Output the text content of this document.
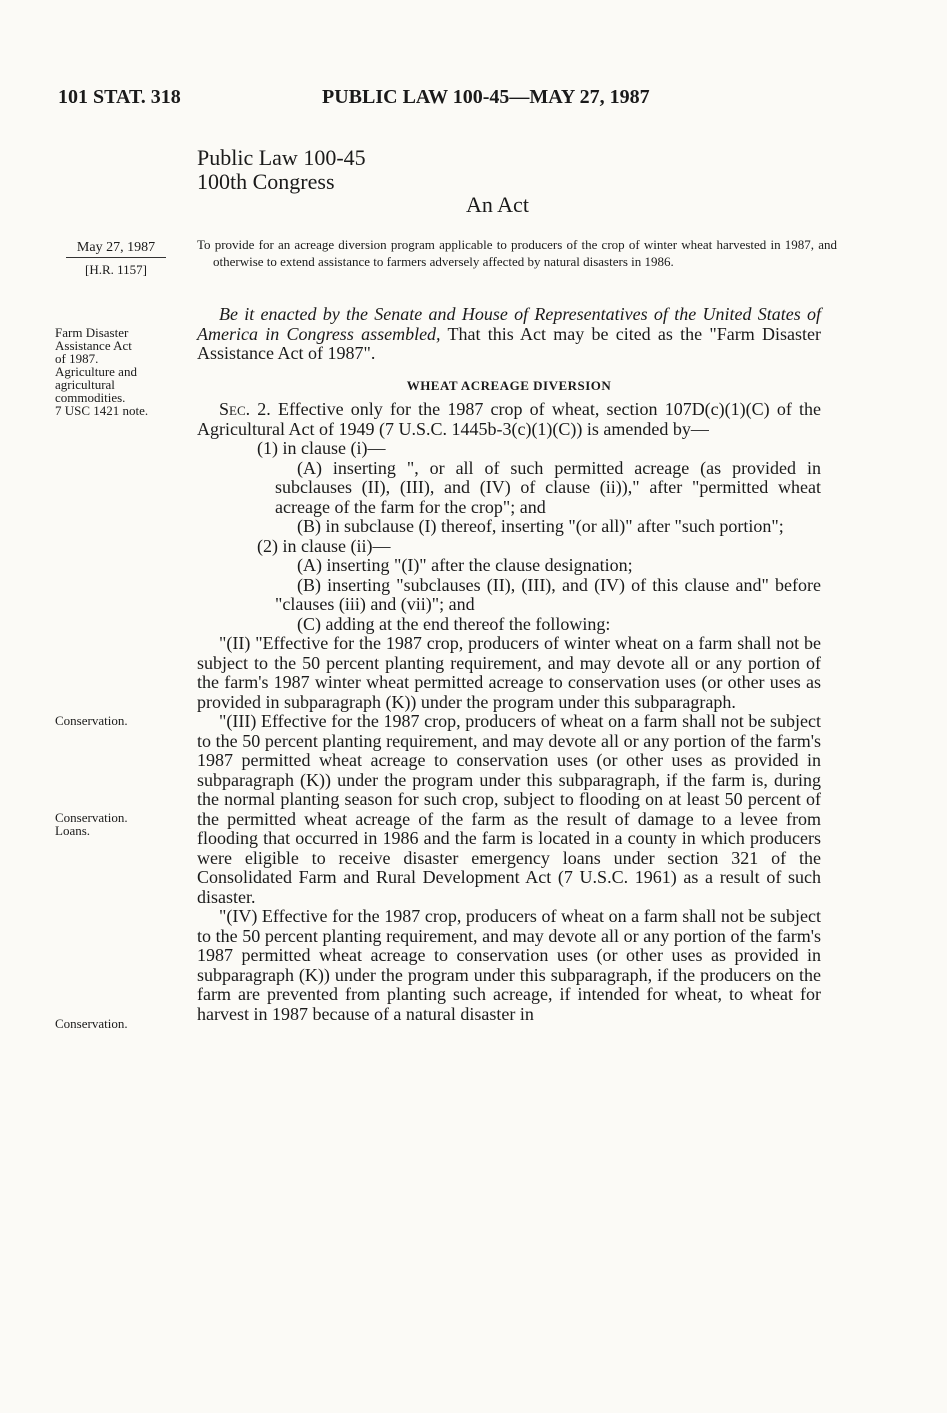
101 STAT. 318	PUBLIC LAW 100-45—MAY 27, 1987
Public Law 100-45
100th Congress
An Act
May 27, 1987
[H.R. 1157]
Farm Disaster
Assistance Act
of 1987.
Agriculture and
agricultural
commodities.
7 USC 1421 note.
Conservation.
Conservation.
Loans.
Conservation.
To provide for an acreage diversion program applicable to producers of the crop of winter wheat harvested in 1987, and otherwise to extend assistance to farmers adversely affected by natural disasters in 1986.

Be it enacted by the Senate and House of Representatives of the United States of America in Congress assembled, That this Act may be cited as the "Farm Disaster Assistance Act of 1987".

WHEAT ACREAGE DIVERSION

Sec. 2. Effective only for the 1987 crop of wheat, section 107D(c)(1)(C) of the Agricultural Act of 1949 (7 U.S.C. 1445b-3(c)(1)(C)) is amended by—

(1) in clause (i)—

(A) inserting ", or all of such permitted acreage (as provided in subclauses (II), (III), and (IV) of clause (ii))," after "permitted wheat acreage of the farm for the crop"; and

(B) in subclause (I) thereof, inserting "(or all)" after "such portion";

(2) in clause (ii)—

(A) inserting "(I)" after the clause designation;

(B) inserting "subclauses (II), (III), and (IV) of this clause and" before "clauses (iii) and (vii)"; and

(C) adding at the end thereof the following:

"(II) "Effective for the 1987 crop, producers of winter wheat on a farm shall not be subject to the 50 percent planting requirement, and may devote all or any portion of the farm's 1987 winter wheat permitted acreage to conservation uses (or other uses as provided in subparagraph (K)) under the program under this subparagraph.

"(III) Effective for the 1987 crop, producers of wheat on a farm shall not be subject to the 50 percent planting requirement, and may devote all or any portion of the farm's 1987 permitted wheat acreage to conservation uses (or other uses as provided in subparagraph (K)) under the program under this subparagraph, if the farm is, during the normal planting season for such crop, subject to flooding on at least 50 percent of the permitted wheat acreage of the farm as the result of damage to a levee from flooding that occurred in 1986 and the farm is located in a county in which producers were eligible to receive disaster emergency loans under section 321 of the Consolidated Farm and Rural Development Act (7 U.S.C. 1961) as a result of such disaster.

"(IV) Effective for the 1987 crop, producers of wheat on a farm shall not be subject to the 50 percent planting requirement, and may devote all or any portion of the farm's 1987 permitted wheat acreage to conservation uses (or other uses as provided in subparagraph (K)) under the program under this subparagraph, if the producers on the farm are prevented from planting such acreage, if intended for wheat, to wheat for harvest in 1987 because of a natural disaster in
